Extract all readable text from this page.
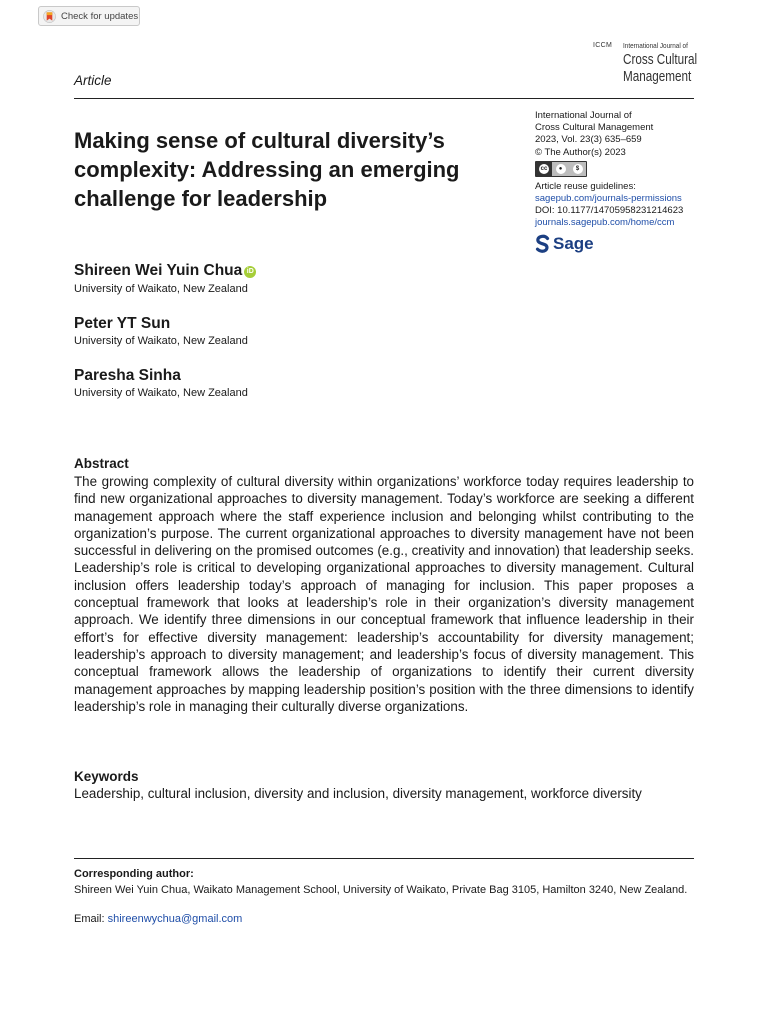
Check for updates
ICCM International Journal of
Cross Cultural
Management
Article
Making sense of cultural diversity’s complexity: Addressing an emerging challenge for leadership
International Journal of
Cross Cultural Management
2023, Vol. 23(3) 635–659
© The Author(s) 2023
cc	●	$
Article reuse guidelines:
sagepub.com/journals-permissions
DOI: 10.1177/14705958231214623
journals.sagepub.com/home/ccm
Sage
Shireen Wei Yuin Chua iD
University of Waikato, New Zealand
Peter YT Sun
University of Waikato, New Zealand
Paresha Sinha
University of Waikato, New Zealand
Abstract
The growing complexity of cultural diversity within organizations’ workforce today requires leadership to find new organizational approaches to diversity management. Today’s workforce are seeking a different management approach where the staff experience inclusion and belonging whilst contributing to the organization’s purpose. The current organizational approaches to diversity management have not been successful in delivering on the promised outcomes (e.g., creativity and innovation) that leadership seeks. Leadership’s role is critical to developing organizational approaches to diversity management. Cultural inclusion offers leadership today’s approach of managing for inclusion. This paper proposes a conceptual framework that looks at leadership’s role in their organization’s diversity management approach. We identify three dimensions in our conceptual framework that influence leadership in their effort’s for effective diversity management: leadership’s accountability for diversity management; leadership’s approach to diversity management; and leadership’s focus of diversity management. This conceptual framework allows the leadership of organizations to identify their current diversity management approaches by mapping leadership position’s position with the three dimensions to identify leadership’s role in managing their culturally diverse organizations.
Keywords
Leadership, cultural inclusion, diversity and inclusion, diversity management, workforce diversity
Corresponding author:
Shireen Wei Yuin Chua, Waikato Management School, University of Waikato, Private Bag 3105, Hamilton 3240, New Zealand.
Email: shireenwychua@gmail.com
